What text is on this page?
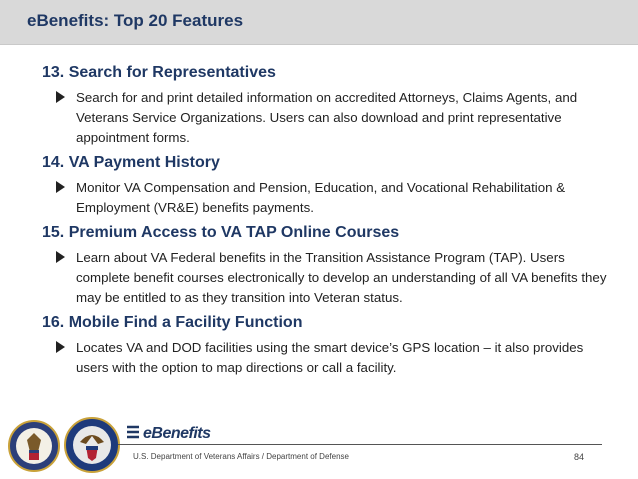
eBenefits: Top 20 Features
13. Search for Representatives
Search for and print detailed information on accredited Attorneys, Claims Agents, and Veterans Service Organizations. Users can also download and print representative appointment forms.
14. VA Payment History
Monitor VA Compensation and Pension, Education, and Vocational Rehabilitation & Employment (VR&E) benefits payments.
15. Premium Access to VA TAP Online Courses
Learn about VA Federal benefits in the Transition Assistance Program (TAP). Users complete benefit courses electronically to develop an understanding of all VA benefits they may be entitled to as they transition into Veteran status.
16. Mobile Find a Facility Function
Locates VA and DOD facilities using the smart device’s GPS location – it also provides users with the option to map directions or call a facility.
eBenefits
U.S. Department of Veterans Affairs / Department of Defense	84
